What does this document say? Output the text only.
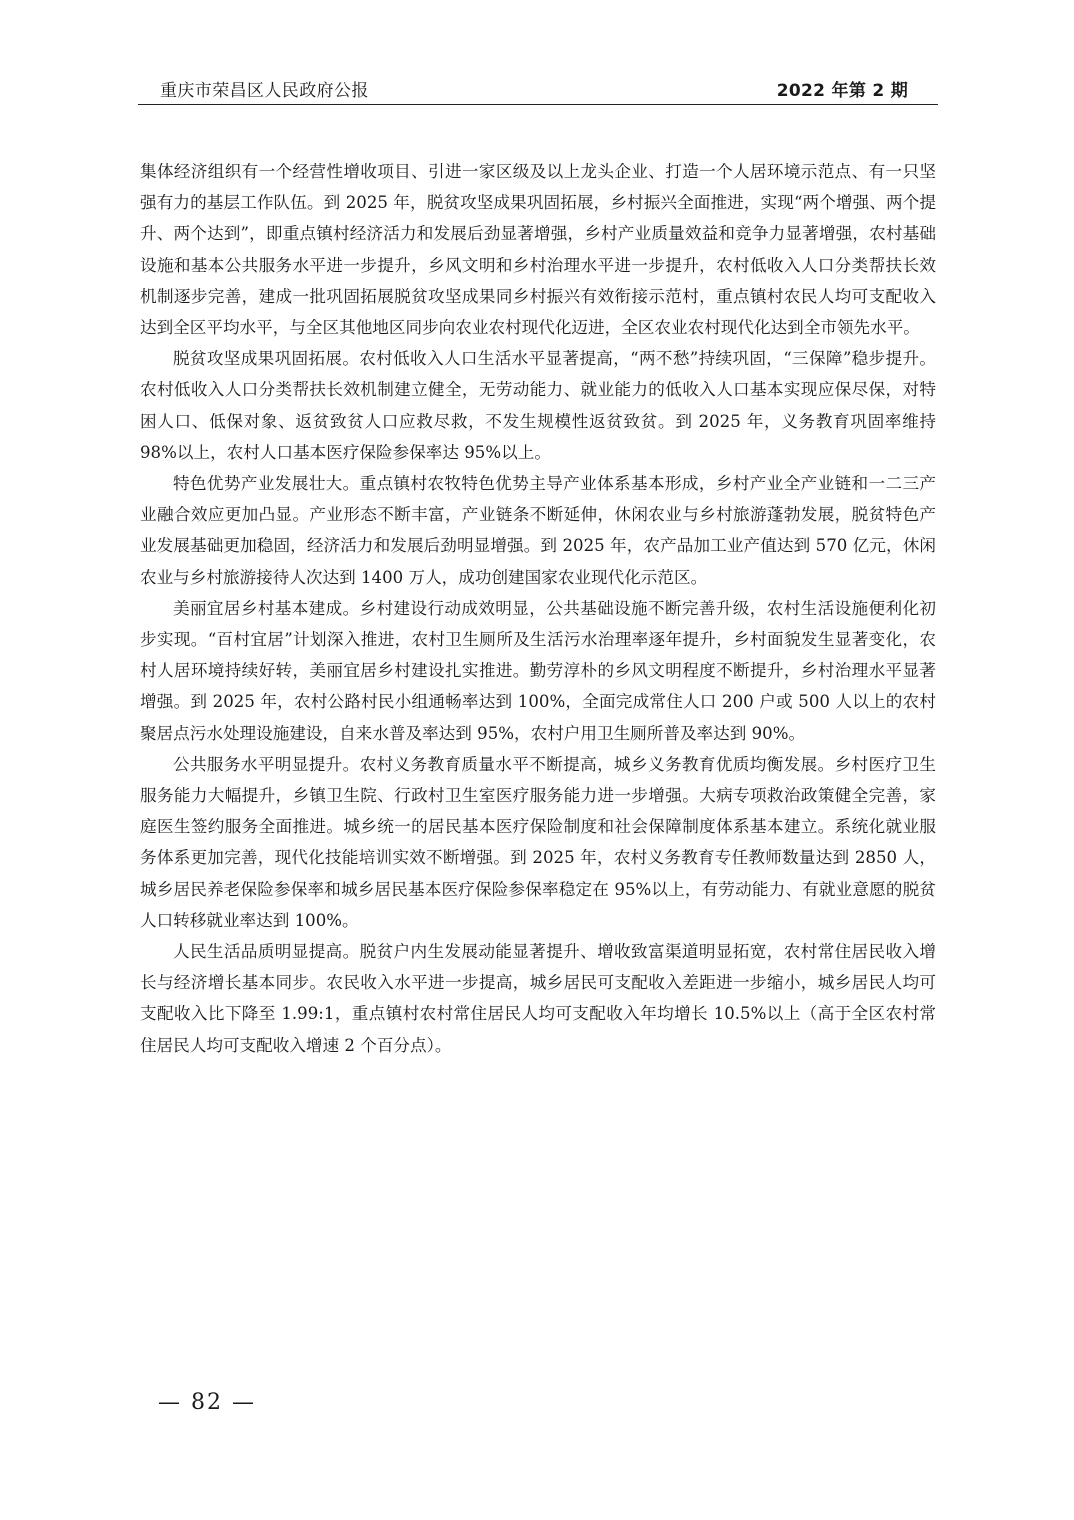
重庆市荣昌区人民政府公报	2022 年第 2 期

集体经济组织有一个经营性增收项目、引进一家区级及以上龙头企业、打造一个人居环境示范点、有一只坚强有力的基层工作队伍。到 2025 年，脱贫攻坚成果巩固拓展，乡村振兴全面推进，实现“两个增强、两个提升、两个达到”，即重点镇村经济活力和发展后劲显著增强，乡村产业质量效益和竞争力显著增强，农村基础设施和基本公共服务水平进一步提升，乡风文明和乡村治理水平进一步提升，农村低收入人口分类帮扶长效机制逐步完善，建成一批巩固拓展脱贫攻坚成果同乡村振兴有效衔接示范村，重点镇村农民人均可支配收入达到全区平均水平，与全区其他地区同步向农业农村现代化迈进，全区农业农村现代化达到全市领先水平。

脱贫攻坚成果巩固拓展。农村低收入人口生活水平显著提高，“两不愁”持续巩固，“三保障”稳步提升。农村低收入人口分类帮扶长效机制建立健全，无劳动能力、就业能力的低收入人口基本实现应保尽保，对特困人口、低保对象、返贫致贫人口应救尽救，不发生规模性返贫致贫。到 2025 年，义务教育巩固率维持 98%以上，农村人口基本医疗保险参保率达 95%以上。

特色优势产业发展壮大。重点镇村农牧特色优势主导产业体系基本形成，乡村产业全产业链和一二三产业融合效应更加凸显。产业形态不断丰富，产业链条不断延伸，休闲农业与乡村旅游蓬勃发展，脱贫特色产业发展基础更加稳固，经济活力和发展后劲明显增强。到 2025 年，农产品加工业产值达到 570 亿元，休闲农业与乡村旅游接待人次达到 1400 万人，成功创建国家农业现代化示范区。

美丽宜居乡村基本建成。乡村建设行动成效明显，公共基础设施不断完善升级，农村生活设施便利化初步实现。“百村宜居”计划深入推进，农村卫生厕所及生活污水治理率逐年提升，乡村面貌发生显著变化，农村人居环境持续好转，美丽宜居乡村建设扎实推进。勤劳淳朴的乡风文明程度不断提升，乡村治理水平显著增强。到 2025 年，农村公路村民小组通畅率达到 100%，全面完成常住人口 200 户或 500 人以上的农村聚居点污水处理设施建设，自来水普及率达到 95%，农村户用卫生厕所普及率达到 90%。

公共服务水平明显提升。农村义务教育质量水平不断提高，城乡义务教育优质均衡发展。乡村医疗卫生服务能力大幅提升，乡镇卫生院、行政村卫生室医疗服务能力进一步增强。大病专项救治政策健全完善，家庭医生签约服务全面推进。城乡统一的居民基本医疗保险制度和社会保障制度体系基本建立。系统化就业服务体系更加完善，现代化技能培训实效不断增强。到 2025 年，农村义务教育专任教师数量达到 2850 人，城乡居民养老保险参保率和城乡居民基本医疗保险参保率稳定在 95%以上，有劳动能力、有就业意愿的脱贫人口转移就业率达到 100%。

人民生活品质明显提高。脱贫户内生发展动能显著提升、增收致富渠道明显拓宽，农村常住居民收入增长与经济增长基本同步。农民收入水平进一步提高，城乡居民可支配收入差距进一步缩小，城乡居民人均可支配收入比下降至 1.99:1，重点镇村农村常住居民人均可支配收入年均增长 10.5%以上（高于全区农村常住居民人均可支配收入增速 2 个百分点）。

— 82 —
